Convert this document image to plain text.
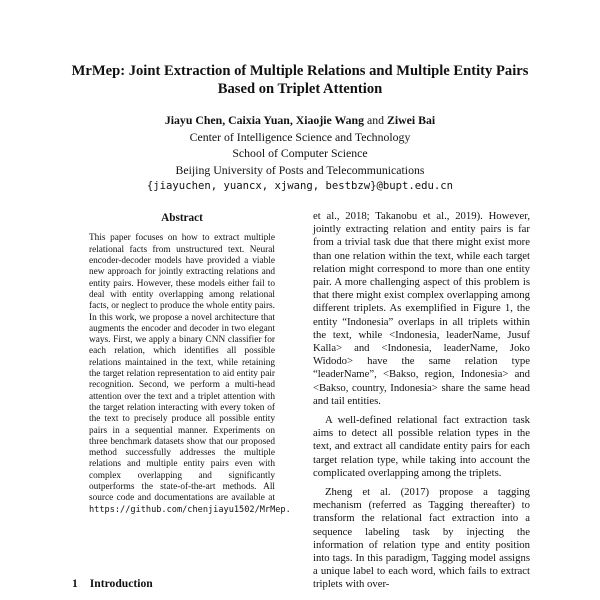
MrMep: Joint Extraction of Multiple Relations and Multiple Entity Pairs
Based on Triplet Attention
Jiayu Chen, Caixia Yuan, Xiaojie Wang and Ziwei Bai
Center of Intelligence Science and Technology
School of Computer Science
Beijing University of Posts and Telecommunications
{jiayuchen, yuancx, xjwang, bestbzw}@bupt.edu.cn
Abstract

This paper focuses on how to extract multiple relational facts from unstructured text. Neural encoder-decoder models have provided a viable new approach for jointly extracting relations and entity pairs. However, these models either fail to deal with entity overlapping among relational facts, or neglect to produce the whole entity pairs. In this work, we propose a novel architecture that augments the encoder and decoder in two elegant ways. First, we apply a binary CNN classifier for each relation, which identifies all possible relations maintained in the text, while retaining the target relation representation to aid entity pair recognition. Second, we perform a multi-head attention over the text and a triplet attention with the target relation interacting with every token of the text to precisely produce all possible entity pairs in a sequential manner. Experiments on three benchmark datasets show that our proposed method successfully addresses the multiple relations and multiple entity pairs even with complex overlapping and significantly outperforms the state-of-the-art methods. All source code and documentations are available at https://github.com/chenjiayu1502/MrMep.

1 Introduction

et al., 2018; Takanobu et al., 2019). However, jointly extracting relation and entity pairs is far from a trivial task due that there might exist more than one relation within the text, while each target relation might correspond to more than one entity pair. A more challenging aspect of this problem is that there might exist complex overlapping among different triplets. As exemplified in Figure 1, the entity “Indonesia” overlaps in all triplets within the text, while <Indonesia, leaderName, Jusuf Kalla> and <Indonesia, leaderName, Joko Widodo> have the same relation type “leaderName”, <Bakso, region, Indonesia> and <Bakso, country, Indonesia> share the same head and tail entities.

A well-defined relational fact extraction task aims to detect all possible relation types in the text, and extract all candidate entity pairs for each target relation type, while taking into account the complicated overlapping among the triplets.

Zheng et al. (2017) propose a tagging mechanism (referred as Tagging thereafter) to transform the relational fact extraction into a sequence labeling task by injecting the information of relation type and entity position into tags. In this paradigm, Tagging model assigns a unique label to each word, which fails to extract triplets with over-
